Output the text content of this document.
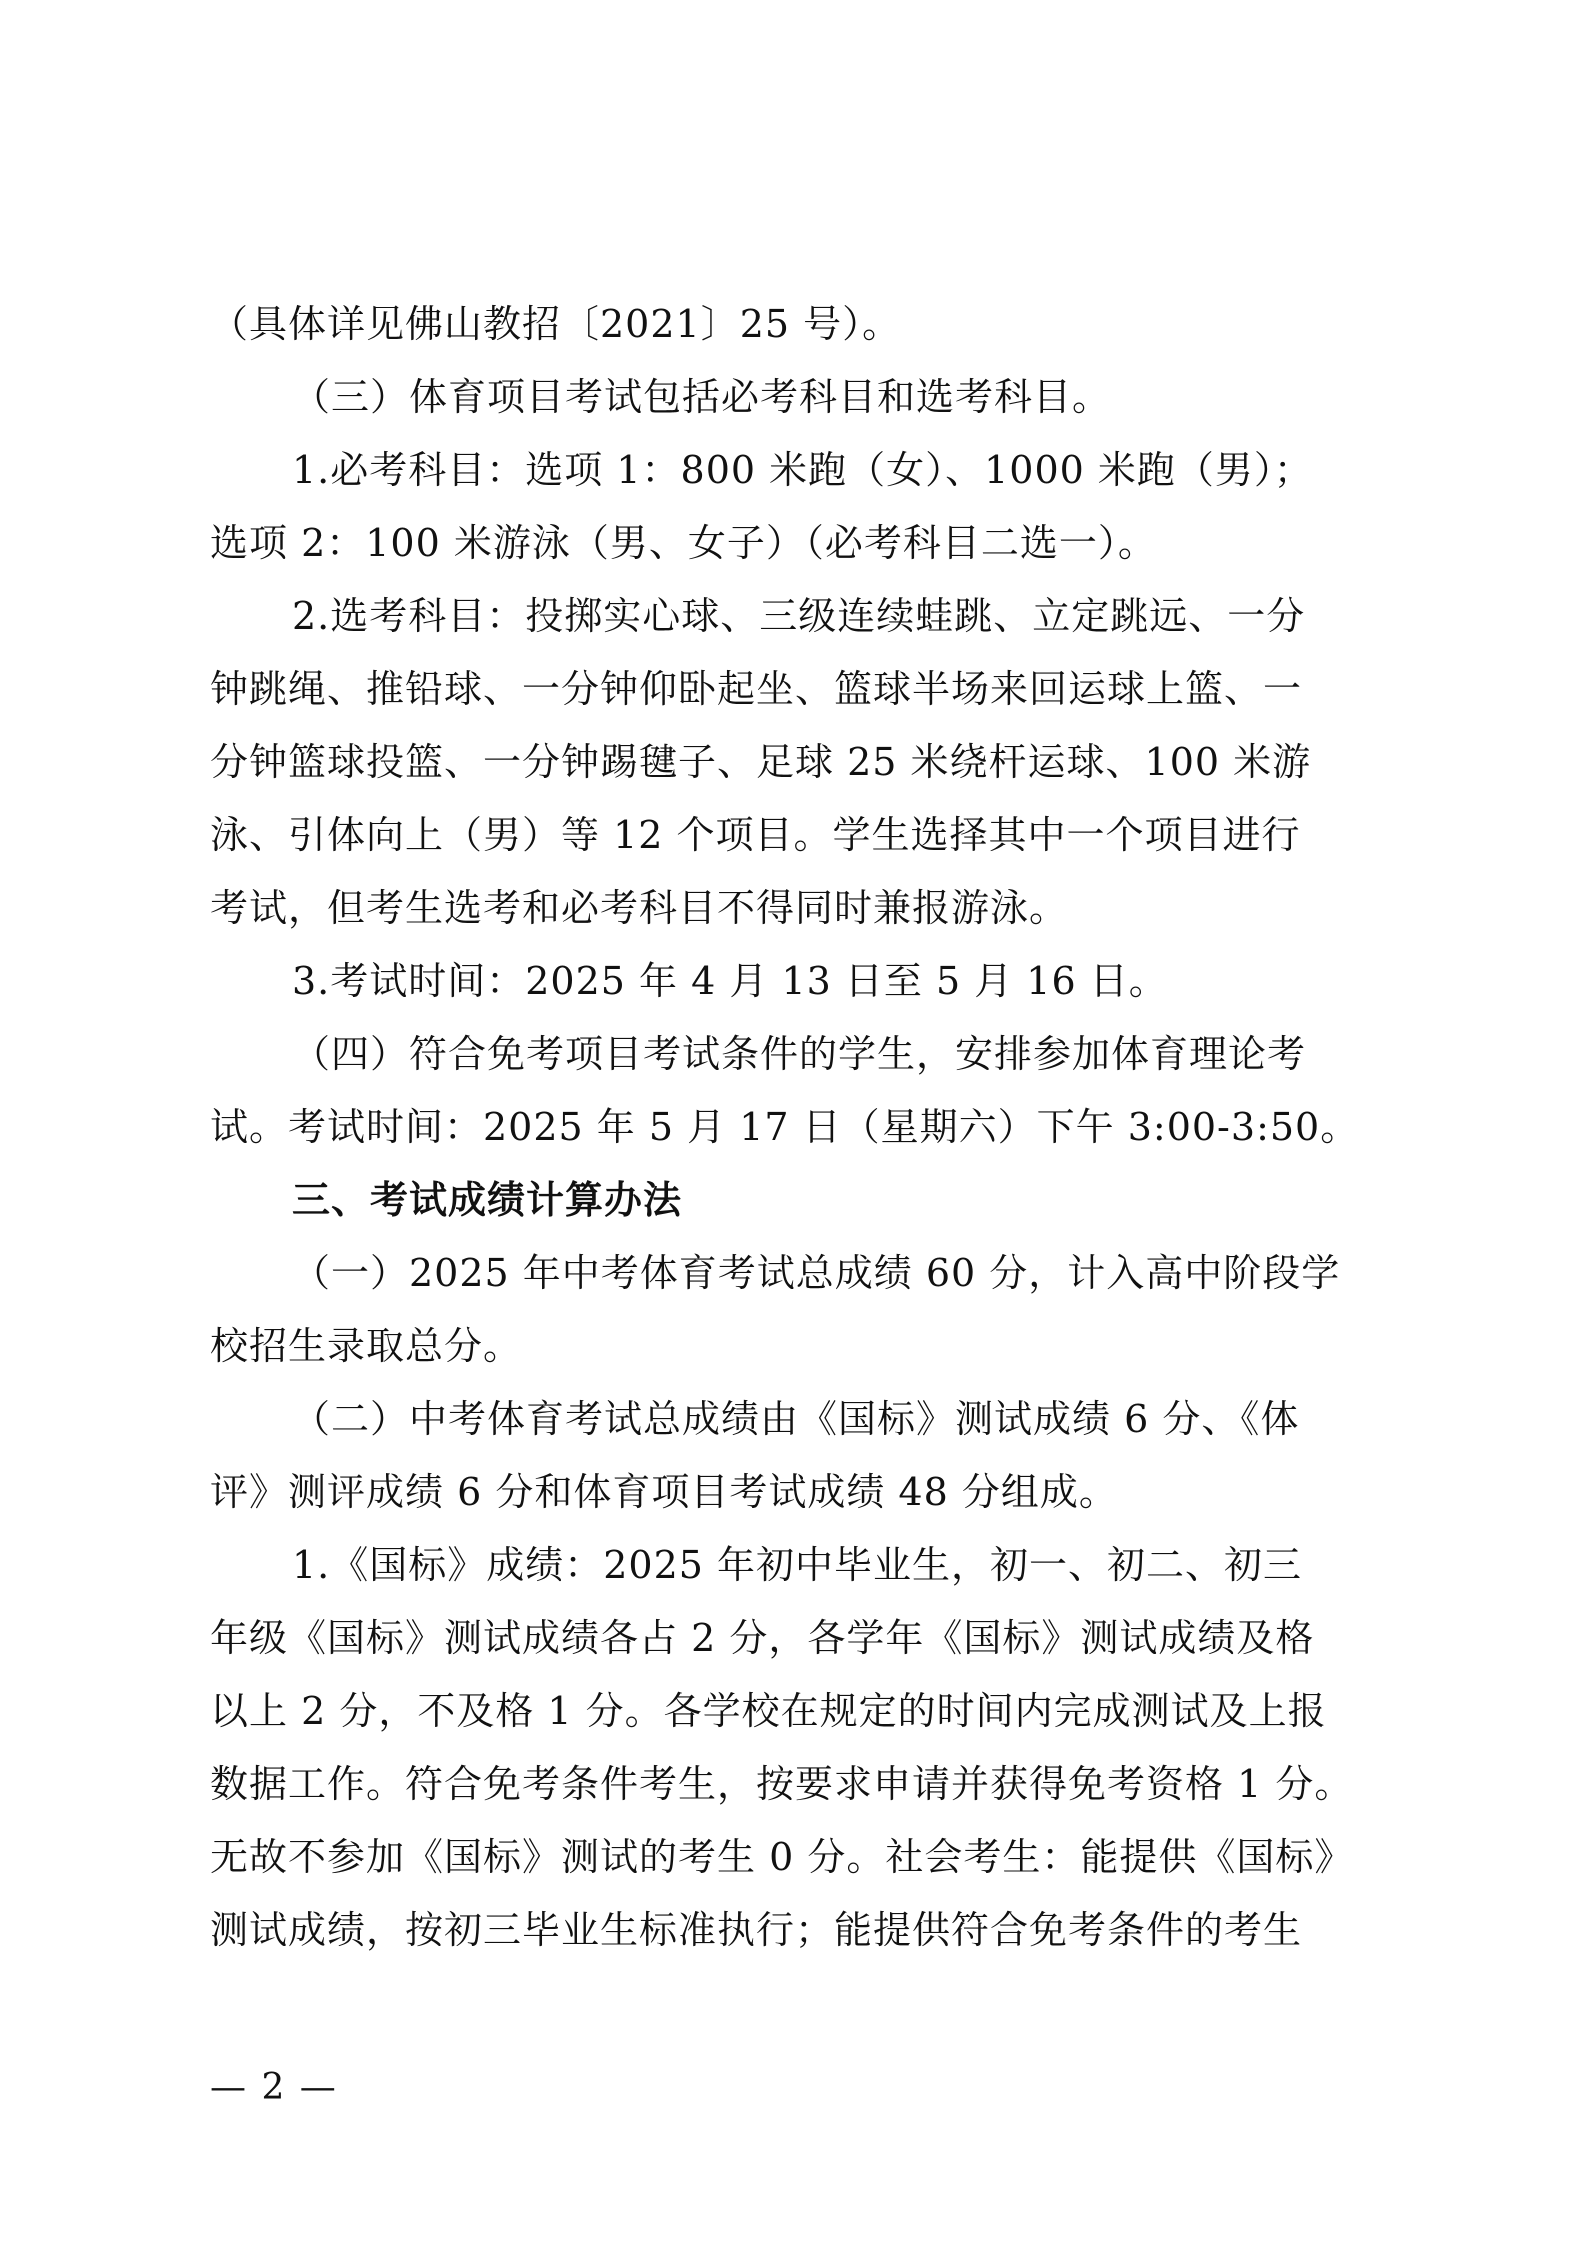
（具体详见佛山教招〔2021〕25 号）。
（三）体育项目考试包括必考科目和选考科目。
1.必考科目：选项 1：800 米跑（女）、1000 米跑（男）；
选项 2：100 米游泳（男、女子）（必考科目二选一）。
2.选考科目：投掷实心球、三级连续蛙跳、立定跳远、一分
钟跳绳、推铅球、一分钟仰卧起坐、篮球半场来回运球上篮、一
分钟篮球投篮、一分钟踢毽子、足球 25 米绕杆运球、100 米游
泳、引体向上（男）等 12 个项目。学生选择其中一个项目进行
考试，但考生选考和必考科目不得同时兼报游泳。
3.考试时间：2025 年 4 月 13 日至 5 月 16 日。
（四）符合免考项目考试条件的学生，安排参加体育理论考
试。考试时间：2025 年 5 月 17 日（星期六）下午 3:00-3:50。
三、考试成绩计算办法
（一）2025 年中考体育考试总成绩 60 分，计入高中阶段学
校招生录取总分。
（二）中考体育考试总成绩由《国标》测试成绩 6 分、《体
评》测评成绩 6 分和体育项目考试成绩 48 分组成。
1.《国标》成绩：2025 年初中毕业生，初一、初二、初三
年级《国标》测试成绩各占 2 分，各学年《国标》测试成绩及格
以上 2 分，不及格 1 分。各学校在规定的时间内完成测试及上报
数据工作。符合免考条件考生，按要求申请并获得免考资格 1 分。
无故不参加《国标》测试的考生 0 分。社会考生：能提供《国标》
测试成绩，按初三毕业生标准执行；能提供符合免考条件的考生
— 2 —
